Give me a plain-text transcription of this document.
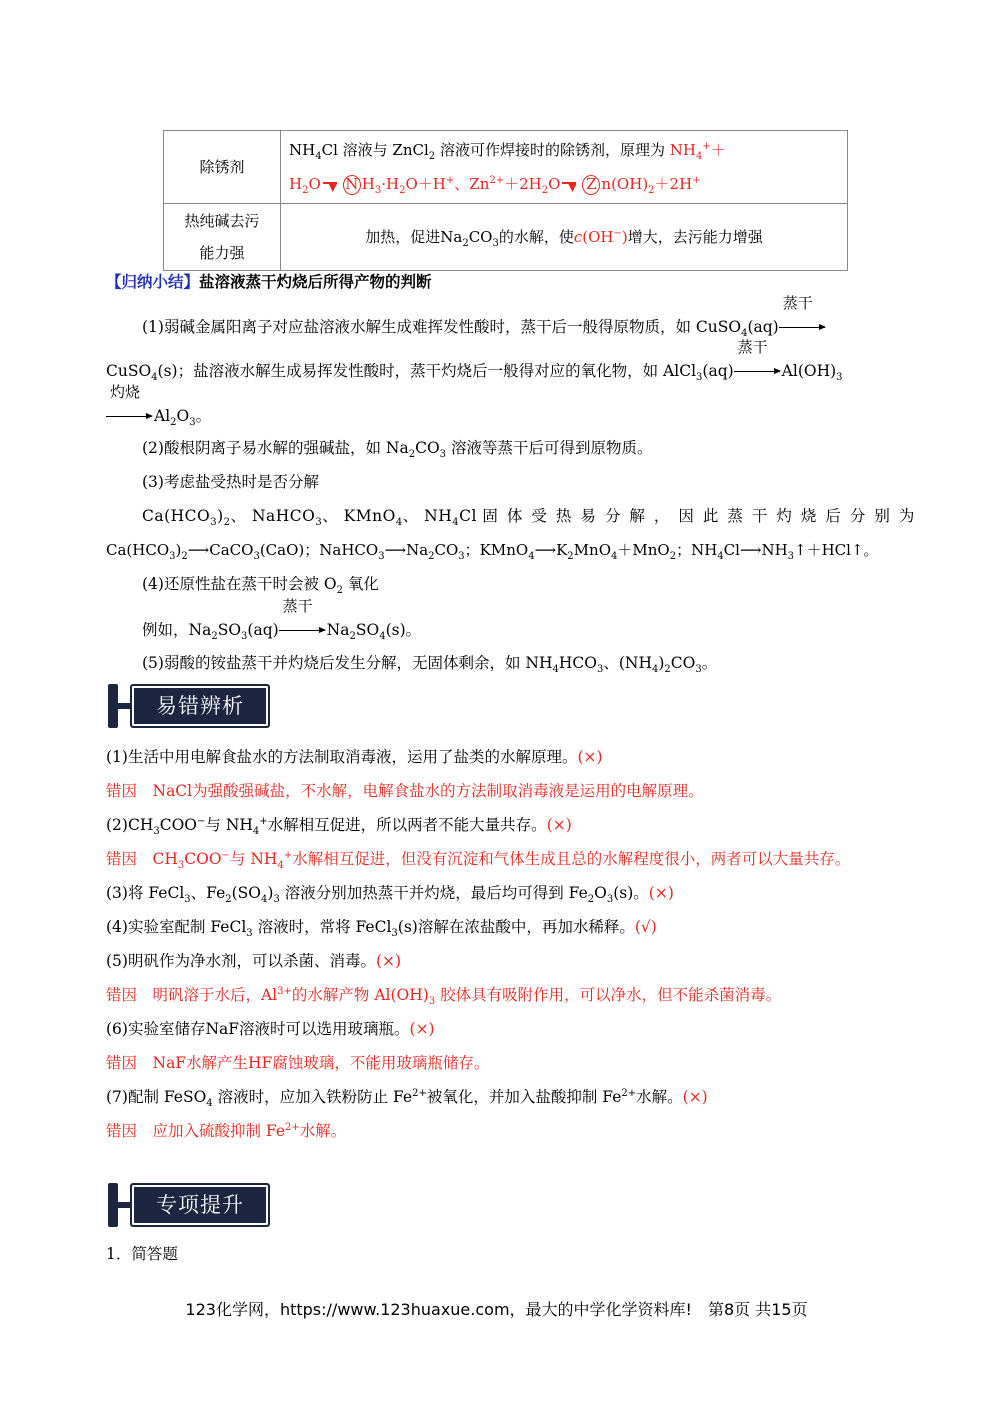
除锈剂	$NH_4Cl$ 溶液与 ZnCl$_2$ 溶液可作焊接时的除锈剂，原理为 $NH_4^++$
$H_2O$ N $H_3\cdot H_2O+H^+$、$Zn^{2+}+2H_2O$ Z $n(OH)_2+2H^+$
热纯碱去污
能力强	加热，促进$Na_2CO_3$的水解，使c(OH−)增大，去污能力增强
【归纳小结】盐溶液蒸干灼烧后所得产物的判断
(1)弱碱金属阳离子对应盐溶液水解生成难挥发性酸时，蒸干后一般得原物质，如 CuSO$_4$(aq)
蒸干
CuSO$_4$(s)；盐溶液水解生成易挥发性酸时，蒸干灼烧后一般得对应的氧化物，如 AlCl$_3$(aq)
蒸干
$Al(OH)_3$
灼烧
$Al_2O_3$。
(2)酸根阴离子易水解的强碱盐，如 $Na_2CO_3$ 溶液等蒸干后可得到原物质。
(3)考虑盐受热时是否分解
$Ca(HCO_3)_2$、 NaHCO$_3$、 KMnO$_4$、 $NH_4Cl$ 固体受热易分解，因此蒸干灼烧后分别为
$Ca(HCO_3)_2⟶CaCO_3(CaO)$；$NaHCO_3⟶Na_2CO_3$；$KMnO_4⟶K_2MnO_4+MnO_2$；$NH_4Cl⟶NH_3↑+HCl↑$。
(4)还原性盐在蒸干时会被 $O_2$ 氧化
例如，$Na_2SO_3(aq)$
蒸干
$Na_2SO_4(s)$。
(5)弱酸的铵盐蒸干并灼烧后发生分解，无固体剩余，如 $NH_4HCO_3$、$(NH_4)_2CO_3$。
易错辨析
(1)生活中用电解食盐水的方法制取消毒液，运用了盐类的水解原理。(×)
错因　NaCl为强酸强碱盐，不水解，电解食盐水的方法制取消毒液是运用的电解原理。
$(2)CH_3COO^-$与 $NH_4^+$水解相互促进，所以两者不能大量共存。(×)
错因　$CH_3COO^-$与 $NH_4^+$水解相互促进，但没有沉淀和气体生成且总的水解程度很小，两者可以大量共存。
(3)将 FeCl$_3$、$Fe_2(SO_4)_3$ 溶液分别加热蒸干并灼烧，最后均可得到 $Fe_2O_3(s)$。(×)
(4)实验室配制 FeCl$_3$ 溶液时，常将 FeCl$_3$(s)溶解在浓盐酸中，再加水稀释。(√)
(5)明矾作为净水剂，可以杀菌、消毒。(×)
错因　明矾溶于水后，$Al^{3+}$的水解产物 $Al(OH)_3$ 胶体具有吸附作用，可以净水，但不能杀菌消毒。
(6)实验室储存NaF溶液时可以选用玻璃瓶。(×)
错因　NaF水解产生HF腐蚀玻璃，不能用玻璃瓶储存。
(7)配制 FeSO$_4$ 溶液时，应加入铁粉防止 $Fe^{2+}$被氧化，并加入盐酸抑制 $Fe^{2+}$水解。(×)
错因　应加入硫酸抑制 $Fe^{2+}$水解。
专项提升
1．简答题
123化学网，https://www.123huaxue.com，最大的中学化学资料库!　第8页 共15页
